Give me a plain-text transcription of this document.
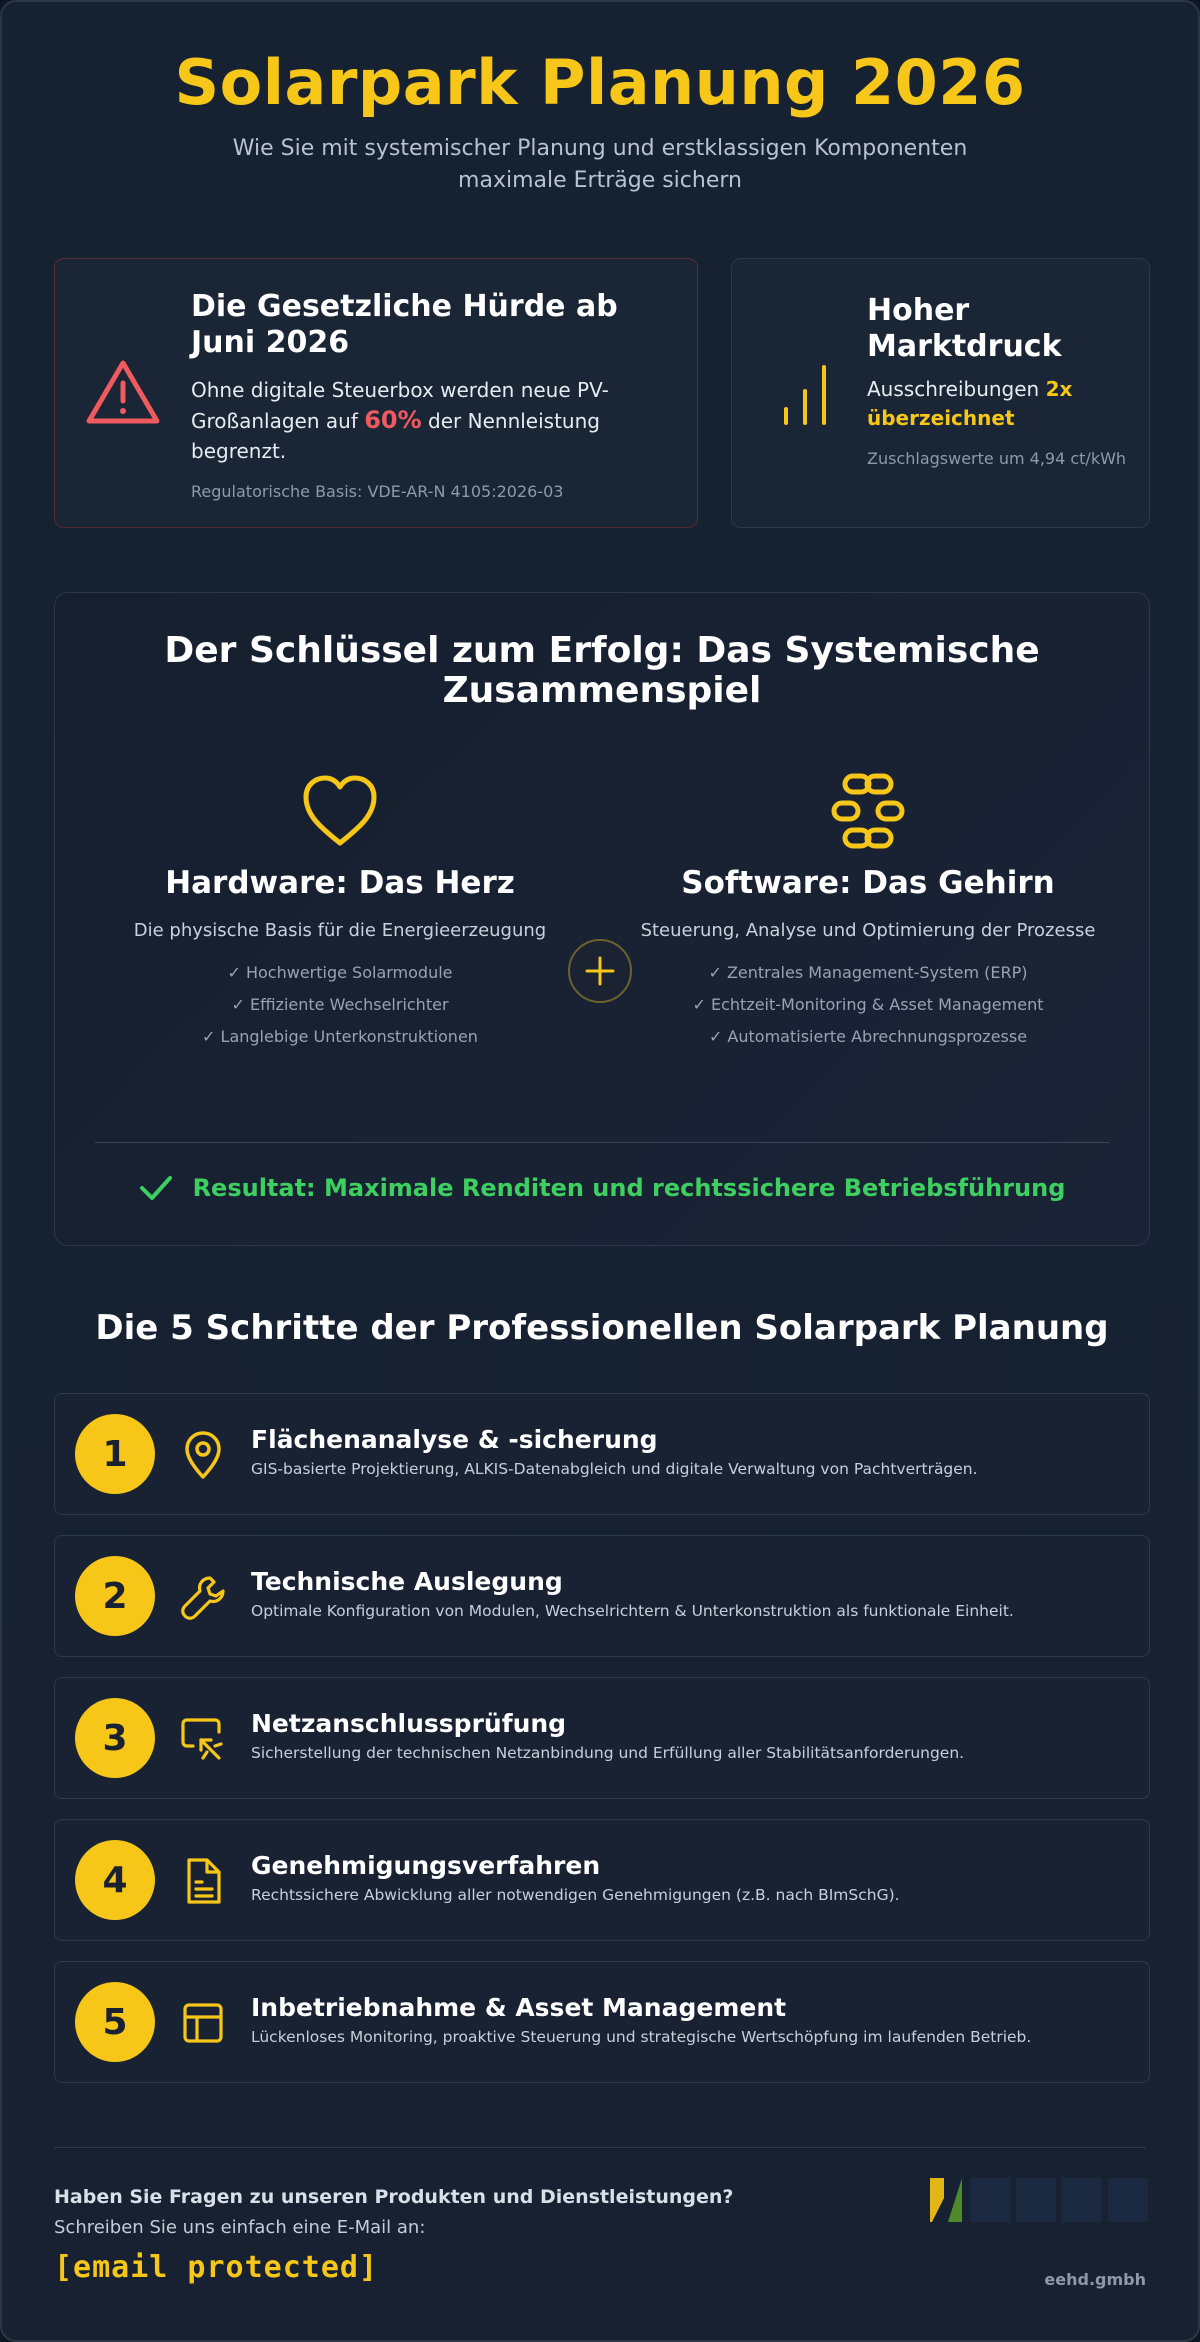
Solarpark Planung 2026
Wie Sie mit systemischer Planung und erstklassigen Komponenten maximale Erträge sichern
Die Gesetzliche Hürde ab Juni 2026

Ohne digitale Steuerbox werden neue PV-Großanlagen auf 60% der Nennleistung begrenzt.

Regulatorische Basis: VDE-AR-N 4105:2026-03
Hoher Marktdruck

Ausschreibungen 2x überzeichnet

Zuschlagswerte um 4,94 ct/kWh
Der Schlüssel zum Erfolg: Das Systemische Zusammenspiel
Hardware: Das Herz
Die physische Basis für die Energieerzeugung
✓ Hochwertige Solarmodule
✓ Effiziente Wechselrichter
✓ Langlebige Unterkonstruktionen
Software: Das Gehirn
Steuerung, Analyse und Optimierung der Prozesse
✓ Zentrales Management-System (ERP)
✓ Echtzeit-Monitoring & Asset Management
✓ Automatisierte Abrechnungsprozesse
Resultat: Maximale Renditen und rechtssichere Betriebsführung
Die 5 Schritte der Professionellen Solarpark Planung
1	Flächenanalyse & -sicherung
GIS-basierte Projektierung, ALKIS-Datenabgleich und digitale Verwaltung von Pachtverträgen.
2	Technische Auslegung
Optimale Konfiguration von Modulen, Wechselrichtern & Unterkonstruktion als funktionale Einheit.
3	Netzanschlussprüfung
Sicherstellung der technischen Netzanbindung und Erfüllung aller Stabilitätsanforderungen.
4	Genehmigungsverfahren
Rechtssichere Abwicklung aller notwendigen Genehmigungen (z.B. nach BImSchG).
5	Inbetriebnahme & Asset Management
Lückenloses Monitoring, proaktive Steuerung und strategische Wertschöpfung im laufenden Betrieb.
Haben Sie Fragen zu unseren Produkten und Dienstleistungen?
Schreiben Sie uns einfach eine E-Mail an:
[email protected]	eehd.gmbh
